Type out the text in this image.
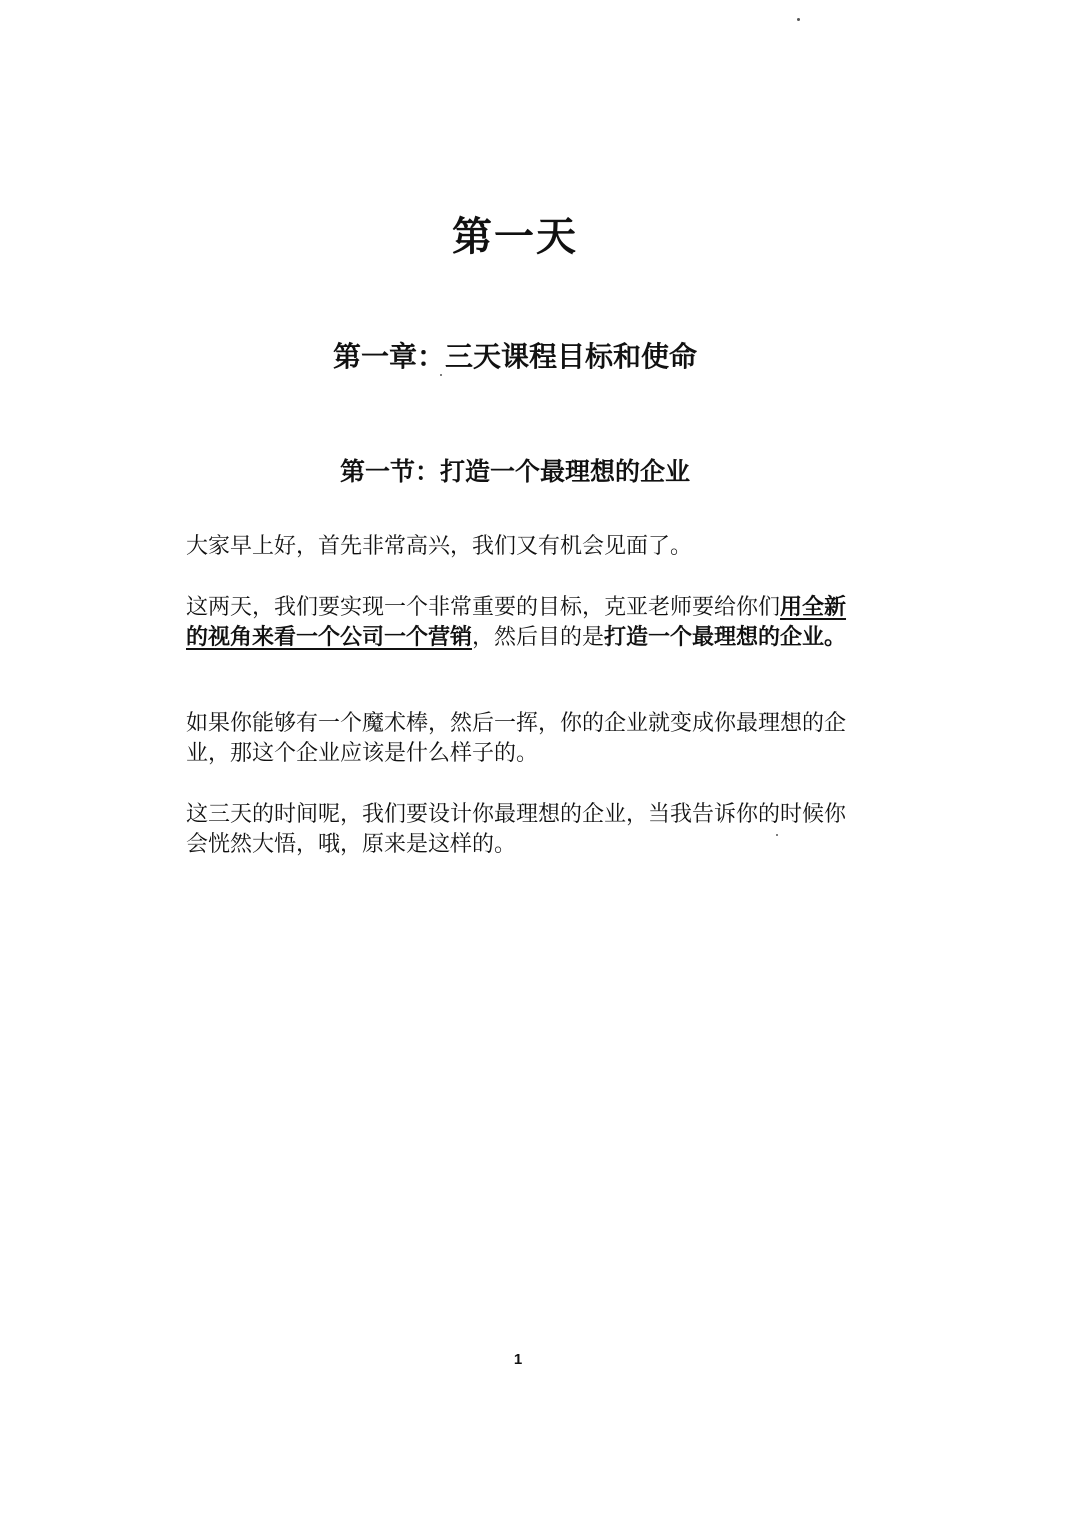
第一天
第一章：三天课程目标和使命
第一节：打造一个最理想的企业

大家早上好，首先非常高兴，我们又有机会见面了。

这两天，我们要实现一个非常重要的目标，克亚老师要给你们用全新的视角来看一个公司一个营销，然后目的是打造一个最理想的企业。

如果你能够有一个魔术棒，然后一挥，你的企业就变成你最理想的企业，那这个企业应该是什么样子的。

这三天的时间呢，我们要设计你最理想的企业，当我告诉你的时候你会恍然大悟，哦，原来是这样的。

1
